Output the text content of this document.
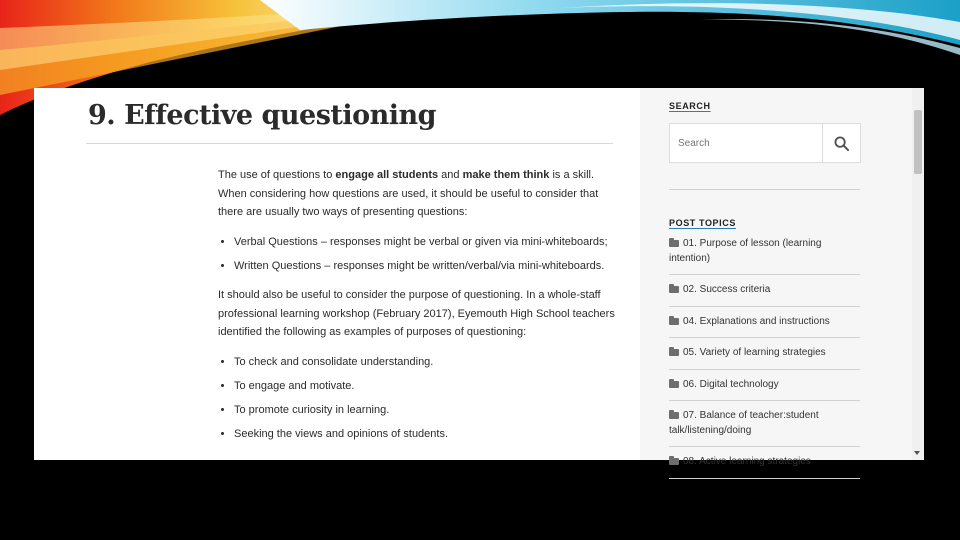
9. Effective questioning

The use of questions to engage all students and make them think is a skill. When considering how questions are used, it should be useful to consider that there are usually two ways of presenting questions:

• Verbal Questions – responses might be verbal or given via mini-whiteboards;
• Written Questions – responses might be written/verbal/via mini-whiteboards.

It should also be useful to consider the purpose of questioning. In a whole-staff professional learning workshop (February 2017), Eyemouth High School teachers identified the following as examples of purposes of questioning:

• To check and consolidate understanding.
• To engage and motivate.
• To promote curiosity in learning.
• Seeking the views and opinions of students.
SEARCH
Search
POST TOPICS
01. Purpose of lesson (learning intention)
02. Success criteria
04. Explanations and instructions
05. Variety of learning strategies
06. Digital technology
07. Balance of teacher:student talk/listening/doing
08. Active learning strategies
